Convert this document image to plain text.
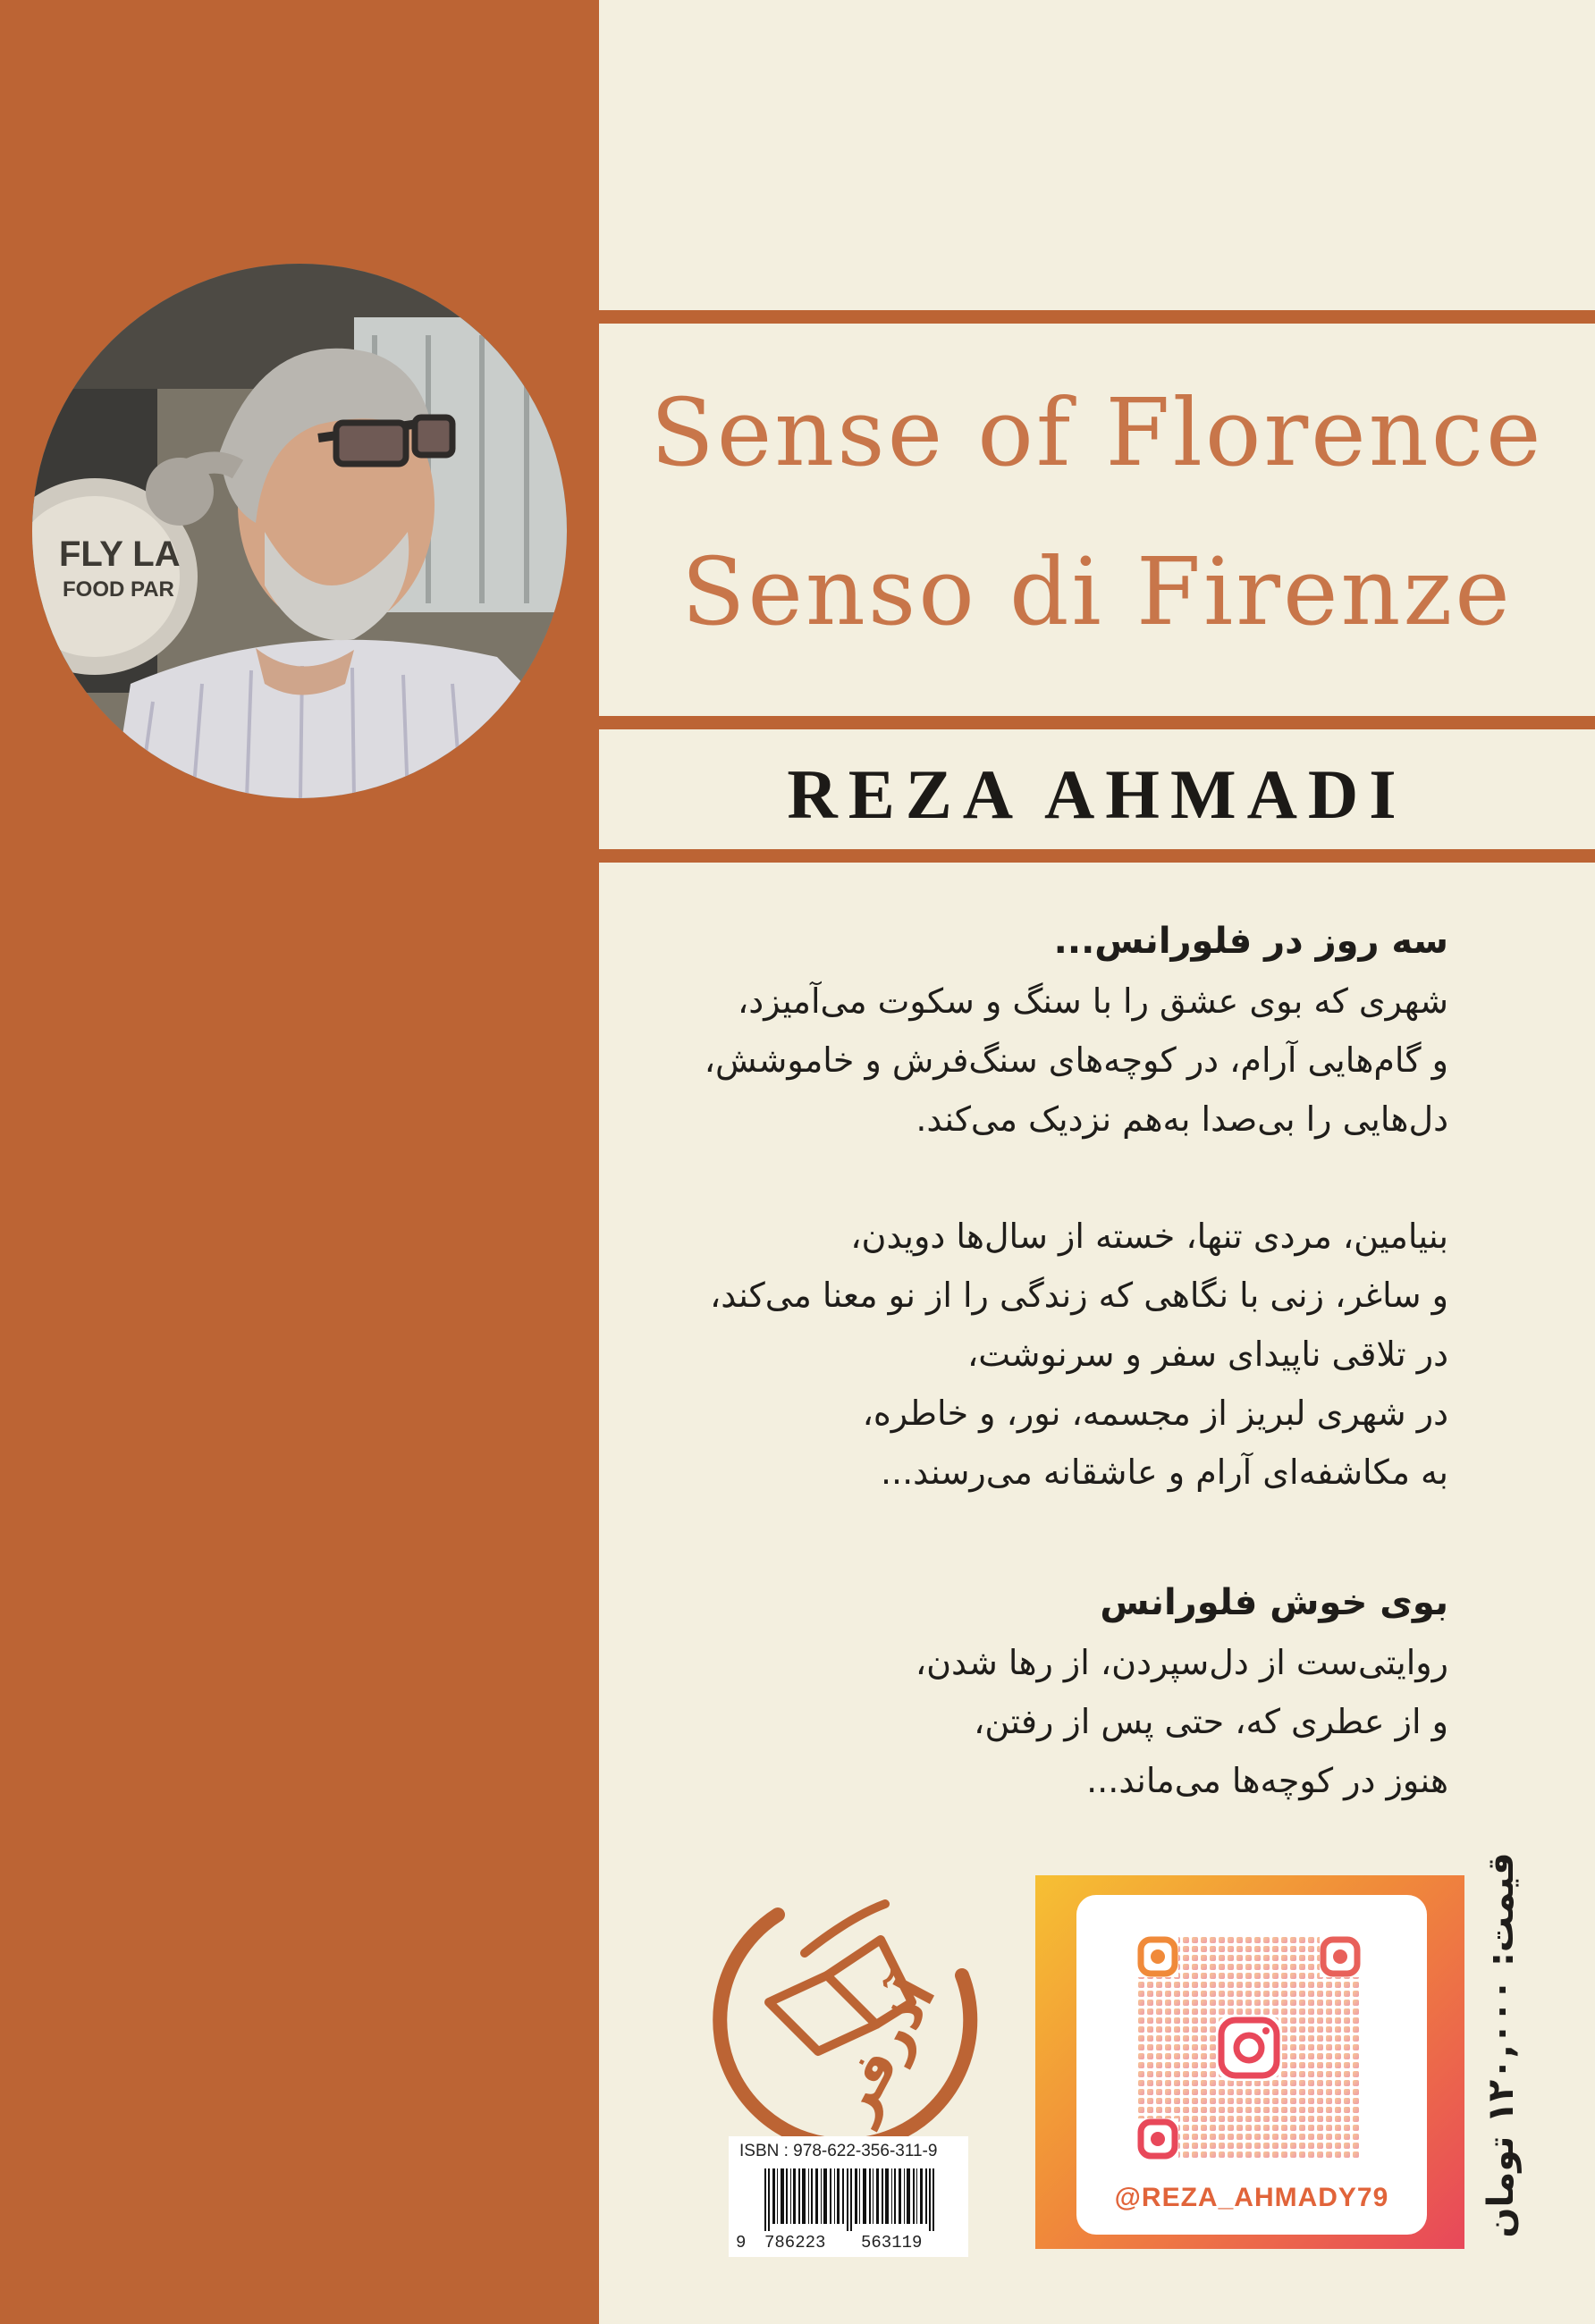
FLY LA
FOOD PAR
Sense of Florence
Senso di Firenze
REZA AHMADI
سه روز در فلورانس...
شهری که بوی عشق را با سنگ و سکوت می‌آمیزد،
و گام‌هایی آرام، در کوچه‌های سنگ‌فرش و خاموشش،
دل‌هایی را بی‌صدا به‌هم نزدیک می‌کند.
بنیامین، مردی تنها، خسته از سال‌ها دویدن،
و ساغر، زنی با نگاهی که زندگی را از نو معنا می‌کند،
در تلاقی ناپیدای سفر و سرنوشت،
در شهری لبریز از مجسمه، نور، و خاطره،
به مکاشفه‌ای آرام و عاشقانه می‌رسند...
بوی خوش فلورانس
روایتی‌ست از دل‌سپردن، از رها شدن،
و از عطری که، حتی پس از رفتن،
هنوز در کوچه‌ها می‌ماند...
آذرفر
ISBN : 978-622-356-311-9
9 786223 563119
@REZA_AHMADY79	قیمت: ۱۲۰,۰۰۰ تومان
